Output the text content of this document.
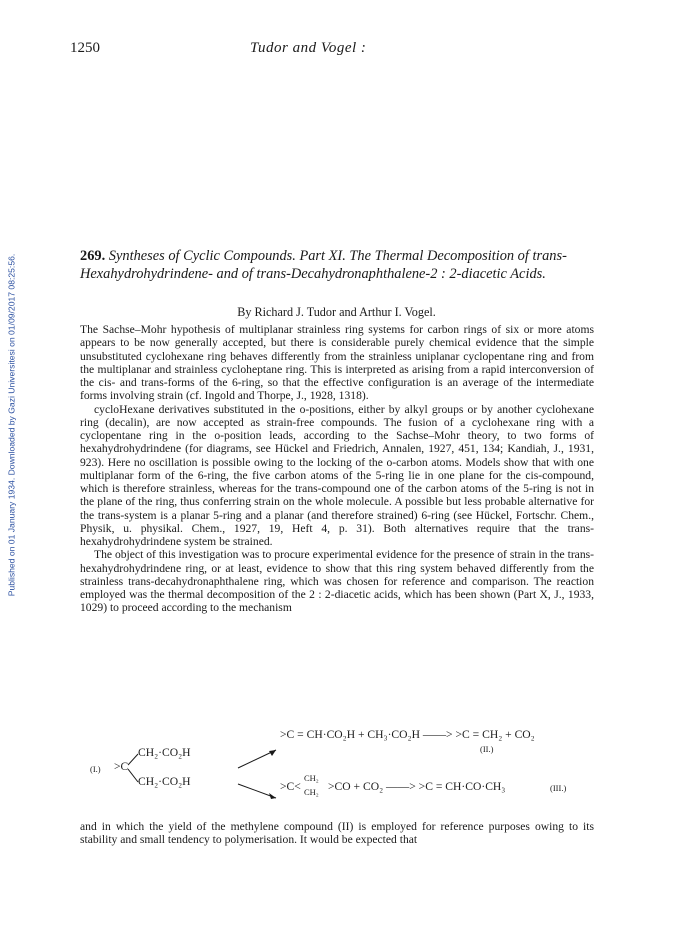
Published on 01 January 1934. Downloaded by Gazi Universitesi on 01/09/2017 08:25:56.
1250	Tudor and Vogel :
269. Syntheses of Cyclic Compounds. Part XI. The Thermal Decomposition of trans-Hexahydrohydrindene- and of trans-Decahydronaphthalene-2 : 2-diacetic Acids.
By Richard J. Tudor and Arthur I. Vogel.

The Sachse–Mohr hypothesis of multiplanar strainless ring systems for carbon rings of six or more atoms appears to be now generally accepted, but there is considerable purely chemical evidence that the simple unsubstituted cyclohexane ring behaves differently from the strainless uniplanar cyclopentane ring and from the multiplanar and strainless cycloheptane ring. This is interpreted as arising from a rapid interconversion of the cis- and trans-forms of the 6-ring, so that the effective configuration is an average of the intermediate forms involving strain (cf. Ingold and Thorpe, J., 1928, 1318).

cycloHexane derivatives substituted in the o-positions, either by alkyl groups or by another cyclohexane ring (decalin), are now accepted as strain-free compounds. The fusion of a cyclohexane ring with a cyclopentane ring in the o-position leads, according to the Sachse–Mohr theory, to two forms of hexahydrohydrindene (for diagrams, see Hückel and Friedrich, Annalen, 1927, 451, 134; Kandiah, J., 1931, 923). Here no oscillation is possible owing to the locking of the o-carbon atoms. Models show that with one multiplanar form of the 6-ring, the five carbon atoms of the 5-ring lie in one plane for the cis-compound, which is therefore strainless, whereas for the trans-compound one of the carbon atoms of the 5-ring is not in the plane of the ring, thus conferring strain on the whole molecule. A possible but less probable alternative for the trans-system is a planar 5-ring and a planar (and therefore strained) 6-ring (see Hückel, Fortschr. Chem., Physik, u. physikal. Chem., 1927, 19, Heft 4, p. 31). Both alternatives require that the trans-hexahydrohydrindene system be strained.

The object of this investigation was to procure experimental evidence for the presence of strain in the trans-hexahydrohydrindene ring, or at least, evidence to show that this ring system behaved differently from the strainless trans-decahydronaphthalene ring, which was chosen for reference and comparison. The reaction employed was the thermal decomposition of the 2 : 2-diacetic acids, which has been shown (Part X, J., 1933, 1029) to proceed according to the mechanism

(I.) >C
CH₂·CO₂H
CH₂·CO₂H
>C = CH·CO₂H + CH₃·CO₂H ——> >C = CH₂ + CO₂
(II.)
>C<
CH₂
CH₂ >CO + CO₂ ——> >C = CH·CO·CH₃	(III.)

and in which the yield of the methylene compound (II) is employed for reference purposes owing to its stability and small tendency to polymerisation. It would be expected that
